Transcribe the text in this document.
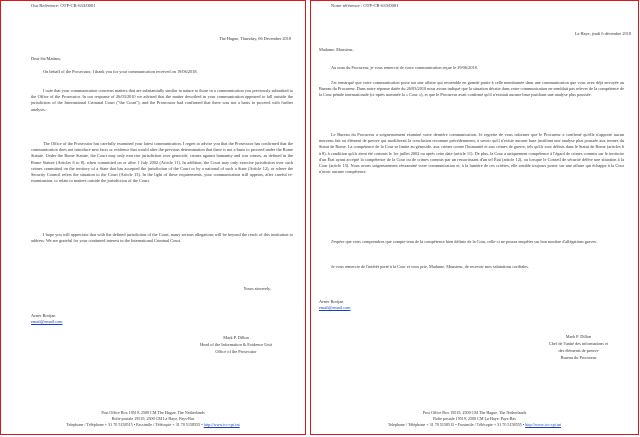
Our Reference: OTP-CR-633/0001

The Hague, Thursday, 06 December 2018

Dear Sir/Madam,

On behalf of the Prosecutor, I thank you for your communication received on 19/06/2018.

I note that your communication concerns matters that are substantially similar in nature to those in a communication you previously submitted to the Office of the Prosecutor. In our response of 26/03/2010 we advised that the matter described in your communication appeared to fall outside the jurisdiction of the International Criminal Court ("the Court"), and the Prosecutor had confirmed that there was not a basis to proceed with further analysis.

The Office of the Prosecutor has carefully examined your latest communication. I regret to advise you that the Prosecutor has confirmed that the communication does not introduce new facts or evidence that would alter the previous determination that there is not a basis to proceed under the Rome Statute. Under the Rome Statute, the Court may only exercise jurisdiction over genocide, crimes against humanity and war crimes, as defined in the Rome Statute (Articles 6 to 8), when committed on or after 1 July 2002 (Article 11). In addition, the Court may only exercise jurisdiction over such crimes committed on the territory of a State that has accepted the jurisdiction of the Court or by a national of such a State (Article 12), or where the Security Council refers the situation to the Court (Article 13). In the light of these requirements, your communication still appears, after careful re-examination, to relate to matters outside the jurisdiction of the Court.

I hope you will appreciate that with the defined jurisdiction of the Court, many serious allegations will be beyond the reach of this institution to address. We are grateful for your continued interest in the International Criminal Court.

Yours sincerely,

Avner Bortjan

email@email.com

Mark P. Dillon

Head of the Information & Evidence Unit

Office of the Prosecutor

Post Office Box 19519, 2500 CM The Hague, The Netherlands
Boîte postale 19519, 2500 CM La Haye, Pays-Bas
Telephone / Téléphone + 31 70 5158515 • Facsimile / Télécopie + 31 70 5158555 • http://www.icc-cpi.int

Notre référence : OTP-CR-633/0001

La Haye, jeudi 6 décembre 2018

Madame, Monsieur,

Au nom du Procureur, je vous remercie de votre communication reçue le 19/06/2018.

J'ai remarqué que votre communication porte sur une affaire qui ressemble en grande partie à celle mentionnée dans une communication que vous avez déjà envoyée au Bureau du Procureur. Dans notre réponse datée du 26/03/2010 nous avons indiqué que la situation décrite dans votre communication ne semblait pas relever de la compétence de la Cour pénale internationale (ci-après nommée la « Cour »), et que le Procureur avait confirmé qu'il n'existait aucune base justifiant une analyse plus poussée.

Le Bureau du Procureur a soigneusement examiné votre dernière communication. Je regrette de vous informer que le Procureur a confirmé qu'elle n'apporte aucun nouveau fait ou élément de preuve qui modifierait la conclusion reconnue précédemment, à savoir qu'il n'existe aucune base justifiant une analyse plus poussée aux termes du Statut de Rome. La compétence de la Cour se limite au génocide, aux crimes contre l'humanité et aux crimes de guerre, tels qu'ils sont définis dans le Statut de Rome (articles 6 à 8), à condition qu'ils aient été commis le 1er juillet 2002 ou après cette date (article 11). De plus, la Cour a uniquement compétence à l'égard de crimes commis sur le territoire d'un État ayant accepté la compétence de la Cour ou de crimes commis par un ressortissant d'un tel État (article 12), ou lorsque le Conseil de sécurité défère une situation à la Cour (article 13). Nous avons soigneusement réexaminé votre communication et, à la lumière de ces critères, elle semble toujours porter sur une affaire qui échappe à la Cour n'avoir aucune compétence.

J'espère que vous comprendrez que compte tenu de la compétence bien définie de la Cour, celle-ci ne pourra enquêter sur bon nombre d'allégations graves.

Je vous remercie de l'intérêt porté à la Cour et vous prie, Madame, Monsieur, de recevoir mes salutations cordiales.

Avner Bortjan

email@email.com

Mark P. Dillon

Chef de l'unité des informations et

des éléments de preuve

Bureau du Procureur

Post Office Box 19519, 2500 CM The Hague, The Netherlands
Boîte postale 19519, 2500 CM La Haye, Pays-Bas
Telephone / Téléphone + 31 70 5158515 • Facsimile / Télécopie + 31 70 5158555 • http://www.icc-cpi.int
